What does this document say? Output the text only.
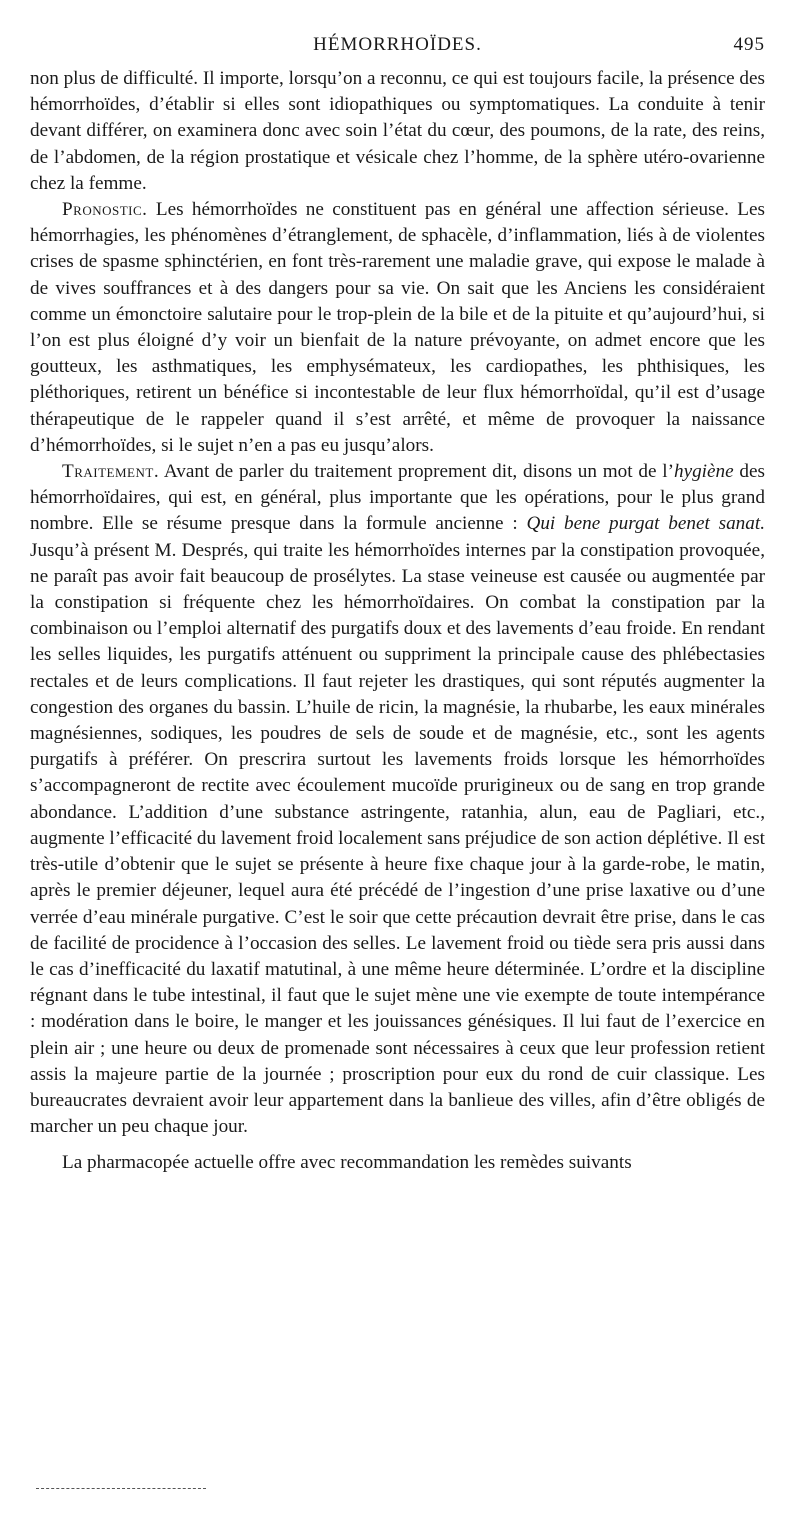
HÉMORRHOÏDES.	495

non plus de difficulté. Il importe, lorsqu’on a reconnu, ce qui est toujours facile, la présence des hémorrhoïdes, d’établir si elles sont idiopathiques ou symptomatiques. La conduite à tenir devant différer, on examinera donc avec soin l’état du cœur, des poumons, de la rate, des reins, de l’abdomen, de la région prostatique et vésicale chez l’homme, de la sphère utéro-ovarienne chez la femme.

Pronostic. Les hémorrhoïdes ne constituent pas en général une affection sérieuse. Les hémorrhagies, les phénomènes d’étranglement, de sphacèle, d’inflammation, liés à de violentes crises de spasme sphinctérien, en font très-rarement une maladie grave, qui expose le malade à de vives souffrances et à des dangers pour sa vie. On sait que les Anciens les considéraient comme un émonctoire salutaire pour le trop-plein de la bile et de la pituite et qu’aujourd’hui, si l’on est plus éloigné d’y voir un bienfait de la nature prévoyante, on admet encore que les goutteux, les asthmatiques, les emphysémateux, les cardiopathes, les phthisiques, les pléthoriques, retirent un bénéfice si incontestable de leur flux hémorrhoïdal, qu’il est d’usage thérapeutique de le rappeler quand il s’est arrêté, et même de provoquer la naissance d’hémorrhoïdes, si le sujet n’en a pas eu jusqu’alors.

Traitement. Avant de parler du traitement proprement dit, disons un mot de l’hygiène des hémorrhoïdaires, qui est, en général, plus importante que les opérations, pour le plus grand nombre. Elle se résume presque dans la formule ancienne : Qui bene purgat benet sanat. Jusqu’à présent M. Després, qui traite les hémorrhoïdes internes par la constipation provoquée, ne paraît pas avoir fait beaucoup de prosélytes. La stase veineuse est causée ou augmentée par la constipation si fréquente chez les hémorrhoïdaires. On combat la constipation par la combinaison ou l’emploi alternatif des purgatifs doux et des lavements d’eau froide. En rendant les selles liquides, les purgatifs atténuent ou suppriment la principale cause des phlébectasies rectales et de leurs complications. Il faut rejeter les drastiques, qui sont réputés augmenter la congestion des organes du bassin. L’huile de ricin, la magnésie, la rhubarbe, les eaux minérales magnésiennes, sodiques, les poudres de sels de soude et de magnésie, etc., sont les agents purgatifs à préférer. On prescrira surtout les lavements froids lorsque les hémorrhoïdes s’accompagneront de rectite avec écoulement mucoïde prurigineux ou de sang en trop grande abondance. L’addition d’une substance astringente, ratanhia, alun, eau de Pagliari, etc., augmente l’efficacité du lavement froid localement sans préjudice de son action déplétive. Il est très-utile d’obtenir que le sujet se présente à heure fixe chaque jour à la garde-robe, le matin, après le premier déjeuner, lequel aura été précédé de l’ingestion d’une prise laxative ou d’une verrée d’eau minérale purgative. C’est le soir que cette précaution devrait être prise, dans le cas de facilité de procidence à l’occasion des selles. Le lavement froid ou tiède sera pris aussi dans le cas d’inefficacité du laxatif matutinal, à une même heure déterminée. L’ordre et la discipline régnant dans le tube intestinal, il faut que le sujet mène une vie exempte de toute intempérance : modération dans le boire, le manger et les jouissances génésiques. Il lui faut de l’exercice en plein air ; une heure ou deux de promenade sont nécessaires à ceux que leur profession retient assis la majeure partie de la journée ; proscription pour eux du rond de cuir classique. Les bureaucrates devraient avoir leur appartement dans la banlieue des villes, afin d’être obligés de marcher un peu chaque jour.

La pharmacopée actuelle offre avec recommandation les remèdes suivants
